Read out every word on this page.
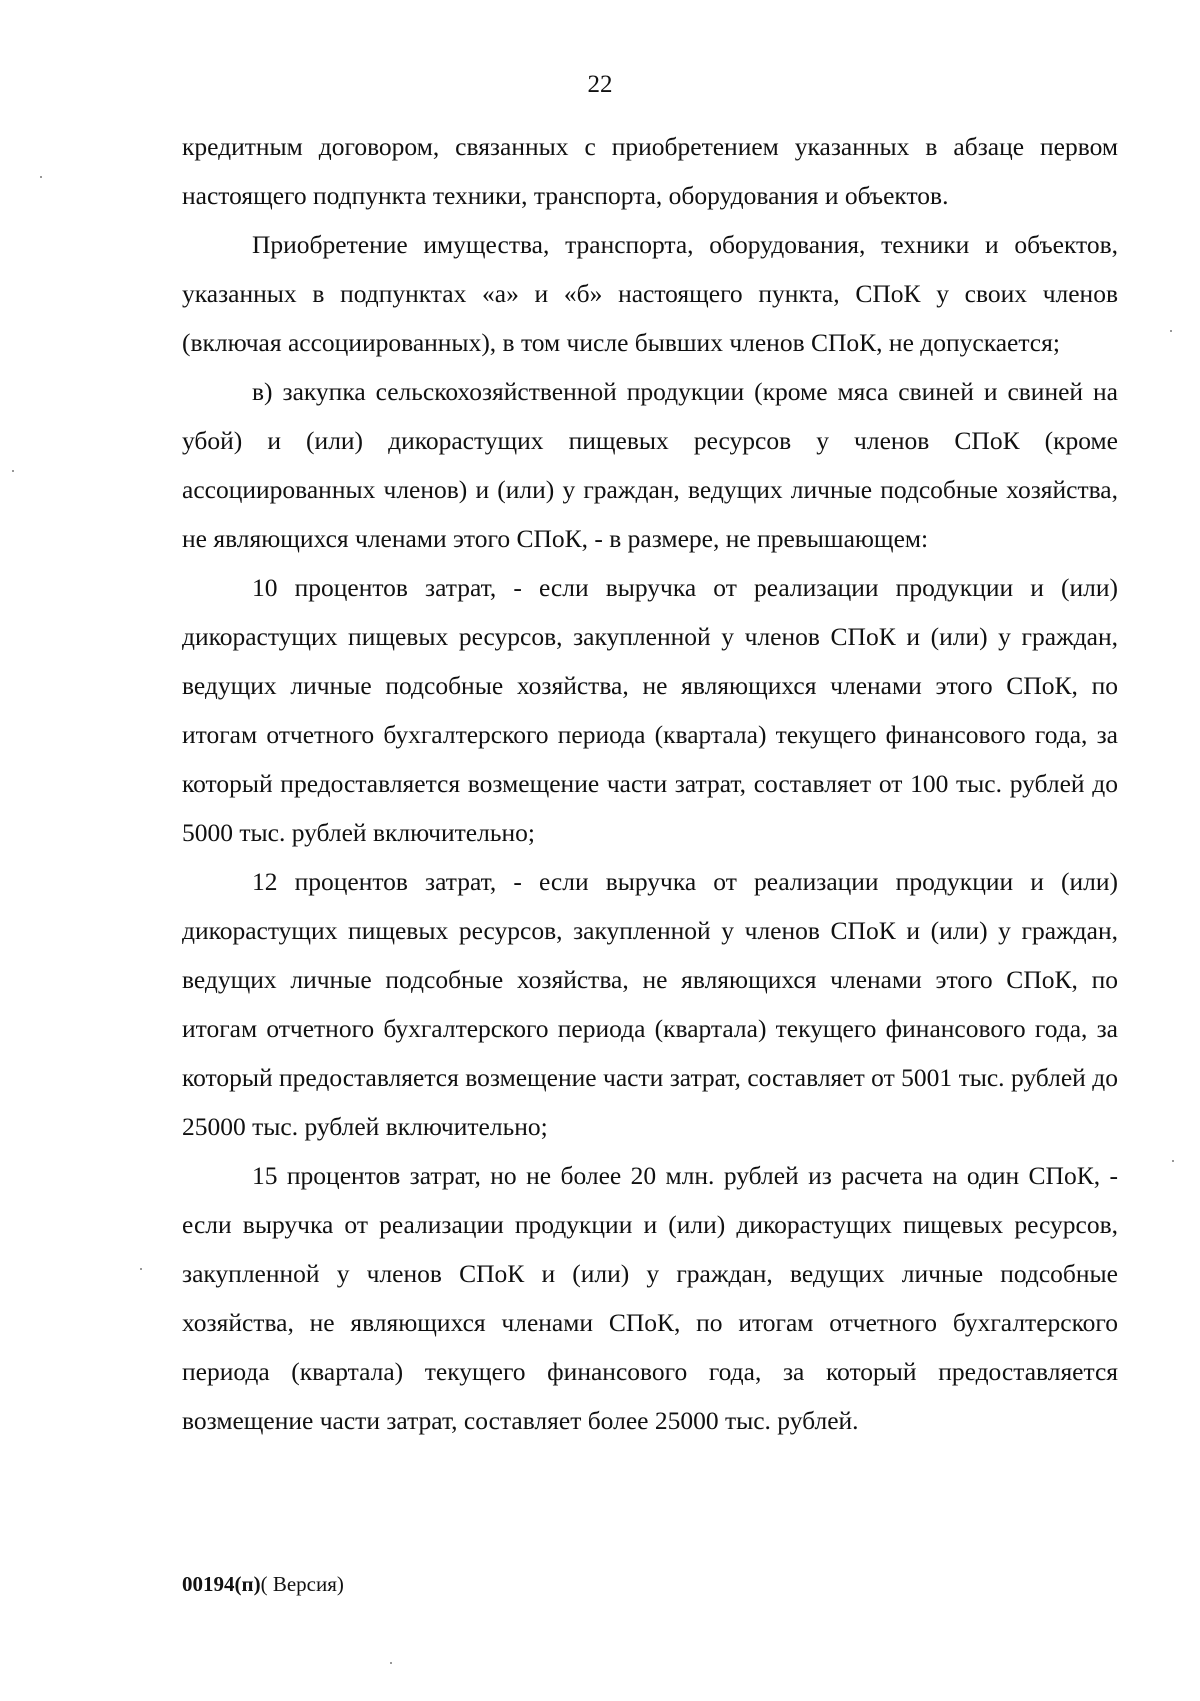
22

кредитным договором, связанных с приобретением указанных в абзаце первом настоящего подпункта техники, транспорта, оборудования и объектов.

Приобретение имущества, транспорта, оборудования, техники и объектов, указанных в подпунктах «а» и «б» настоящего пункта, СПоК у своих членов (включая ассоциированных), в том числе бывших членов СПоК, не допускается;

в) закупка сельскохозяйственной продукции (кроме мяса свиней и свиней на убой) и (или) дикорастущих пищевых ресурсов у членов СПоК (кроме ассоциированных членов) и (или) у граждан, ведущих личные подсобные хозяйства, не являющихся членами этого СПоК, - в размере, не превышающем:

10 процентов затрат, - если выручка от реализации продукции и (или) дикорастущих пищевых ресурсов, закупленной у членов СПоК и (или) у граждан, ведущих личные подсобные хозяйства, не являющихся членами этого СПоК, по итогам отчетного бухгалтерского периода (квартала) текущего финансового года, за который предоставляется возмещение части затрат, составляет от 100 тыс. рублей до 5000 тыс. рублей включительно;

12 процентов затрат, - если выручка от реализации продукции и (или) дикорастущих пищевых ресурсов, закупленной у членов СПоК и (или) у граждан, ведущих личные подсобные хозяйства, не являющихся членами этого СПоК, по итогам отчетного бухгалтерского периода (квартала) текущего финансового года, за который предоставляется возмещение части затрат, составляет от 5001 тыс. рублей до 25000 тыс. рублей включительно;

15 процентов затрат, но не более 20 млн. рублей из расчета на один СПоК, - если выручка от реализации продукции и (или) дикорастущих пищевых ресурсов, закупленной у членов СПоК и (или) у граждан, ведущих личные подсобные хозяйства, не являющихся членами СПоК, по итогам отчетного бухгалтерского периода (квартала) текущего финансового года, за который предоставляется возмещение части затрат, составляет более 25000 тыс. рублей.

00194(п)( Версия)
